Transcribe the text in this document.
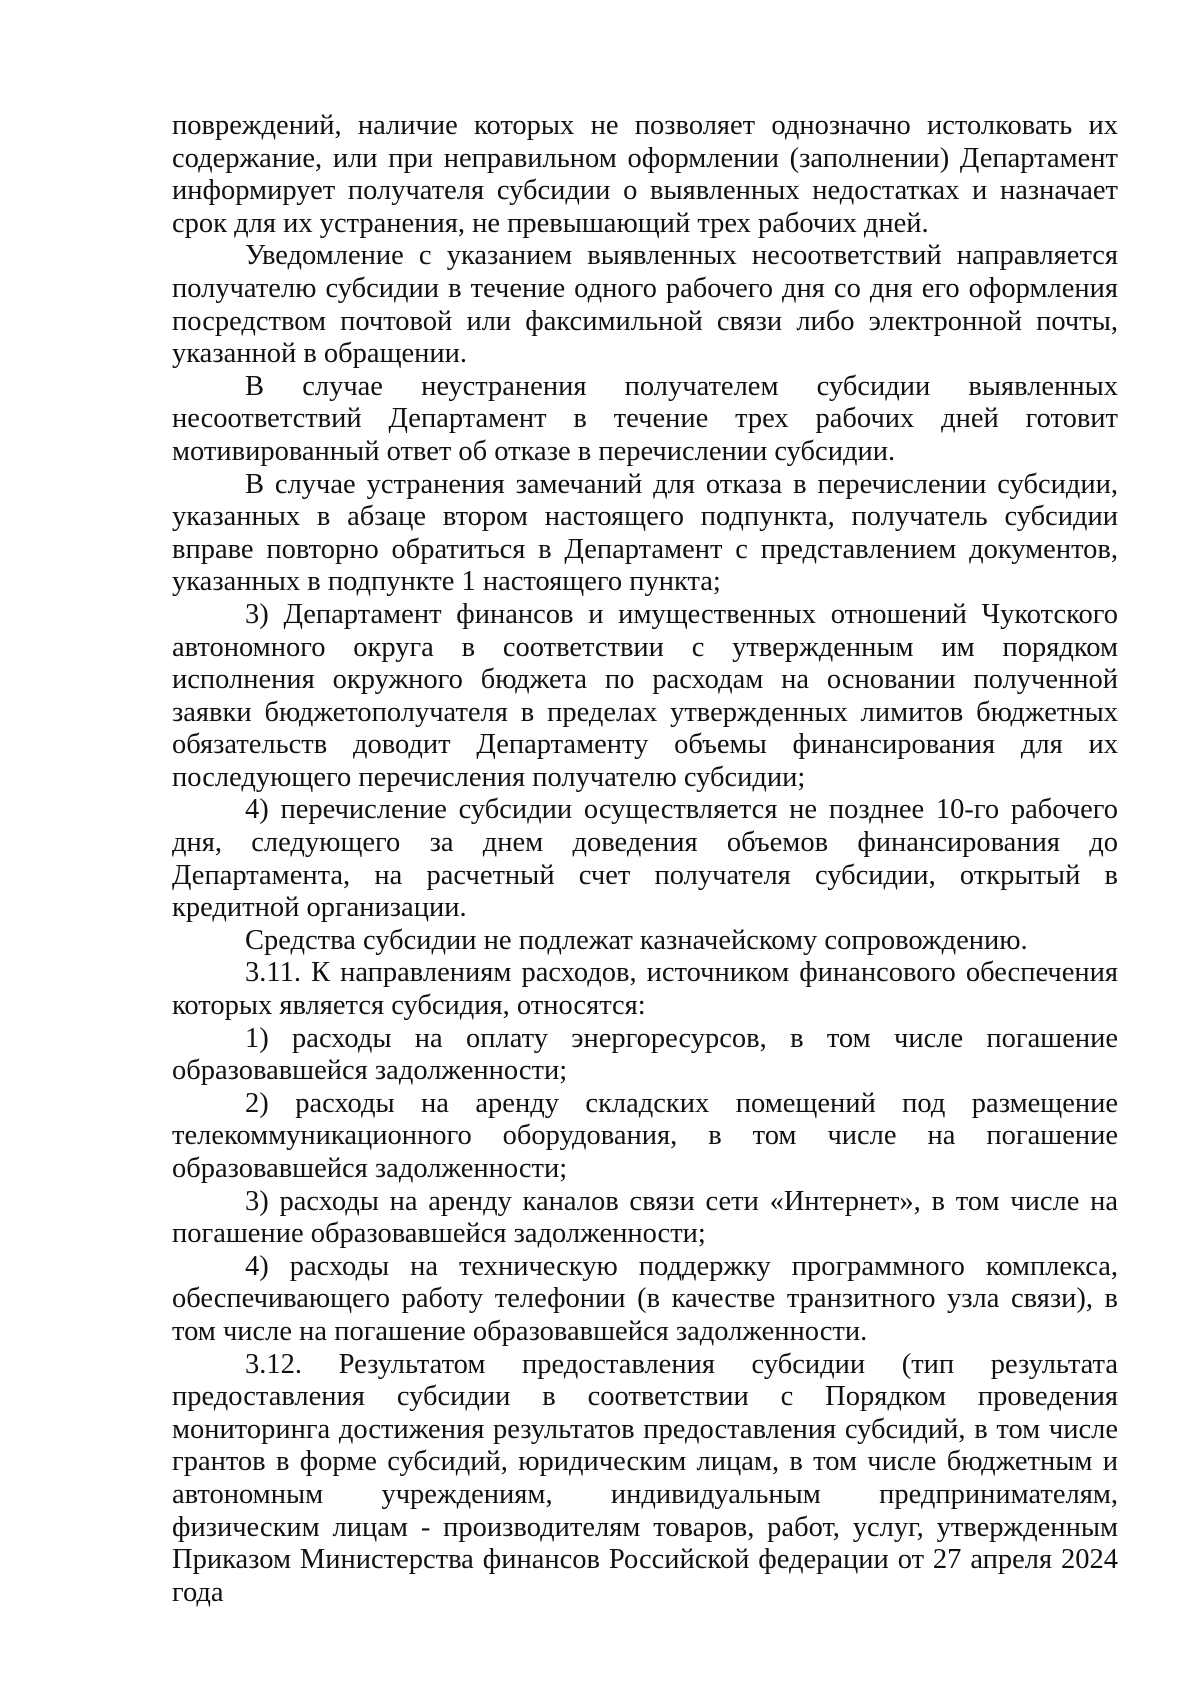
повреждений, наличие которых не позволяет однозначно истолковать их содержание, или при неправильном оформлении (заполнении) Департамент информирует получателя субсидии о выявленных недостатках и назначает срок для их устранения, не превышающий трех рабочих дней.

Уведомление с указанием выявленных несоответствий направляется получателю субсидии в течение одного рабочего дня со дня его оформления посредством почтовой или факсимильной связи либо электронной почты, указанной в обращении.

В случае неустранения получателем субсидии выявленных несоответствий Департамент в течение трех рабочих дней готовит мотивированный ответ об отказе в перечислении субсидии.

В случае устранения замечаний для отказа в перечислении субсидии, указанных в абзаце втором настоящего подпункта, получатель субсидии вправе повторно обратиться в Департамент с представлением документов, указанных в подпункте 1 настоящего пункта;

3) Департамент финансов и имущественных отношений Чукотского автономного округа в соответствии с утвержденным им порядком исполнения окружного бюджета по расходам на основании полученной заявки бюджетополучателя в пределах утвержденных лимитов бюджетных обязательств доводит Департаменту объемы финансирования для их последующего перечисления получателю субсидии;

4) перечисление субсидии осуществляется не позднее 10-го рабочего дня, следующего за днем доведения объемов финансирования до Департамента, на расчетный счет получателя субсидии, открытый в кредитной организации.

Средства субсидии не подлежат казначейскому сопровождению.

3.11. К направлениям расходов, источником финансового обеспечения которых является субсидия, относятся:

1) расходы на оплату энергоресурсов, в том числе погашение образовавшейся задолженности;

2) расходы на аренду складских помещений под размещение телекоммуникационного оборудования, в том числе на погашение образовавшейся задолженности;

3) расходы на аренду каналов связи сети «Интернет», в том числе на погашение образовавшейся задолженности;

4) расходы на техническую поддержку программного комплекса, обеспечивающего работу телефонии (в качестве транзитного узла связи), в том числе на погашение образовавшейся задолженности.

3.12. Результатом предоставления субсидии (тип результата предоставления субсидии в соответствии с Порядком проведения мониторинга достижения результатов предоставления субсидий, в том числе грантов в форме субсидий, юридическим лицам, в том числе бюджетным и автономным учреждениям, индивидуальным предпринимателям, физическим лицам - производителям товаров, работ, услуг, утвержденным Приказом Министерства финансов Российской федерации от 27 апреля 2024 года
